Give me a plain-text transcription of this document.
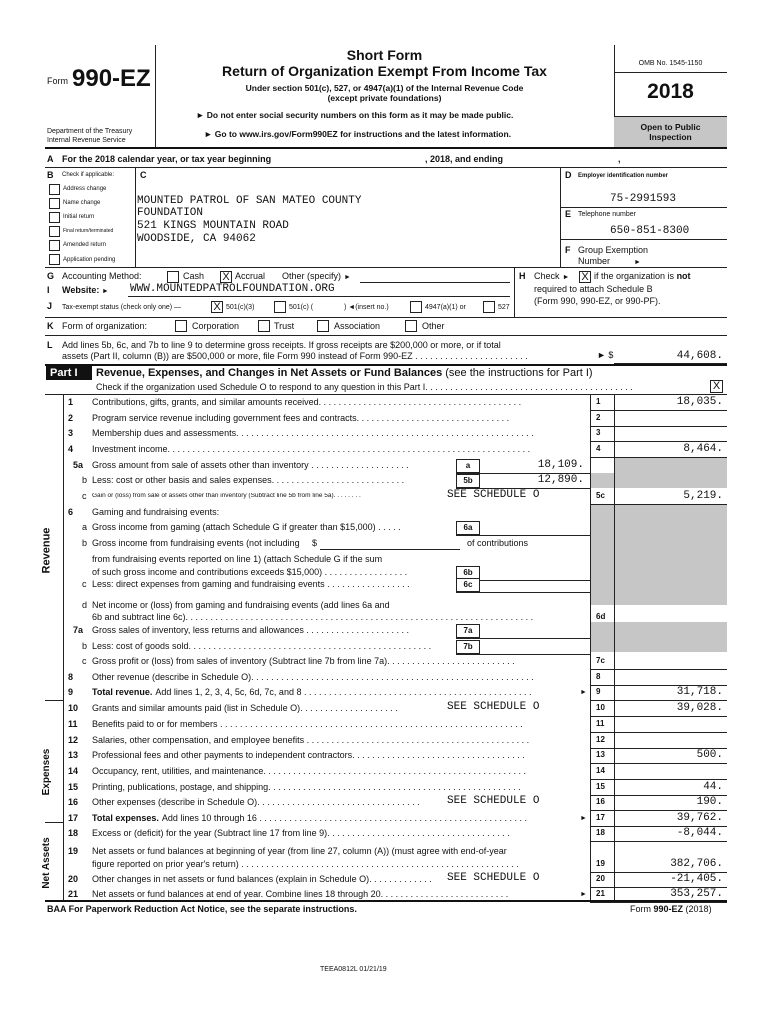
Form 990-EZ
Department of the Treasury
Internal Revenue Service
Short Form
Return of Organization Exempt From Income Tax
Under section 501(c), 527, or 4947(a)(1) of the Internal Revenue Code
(except private foundations)
► Do not enter social security numbers on this form as it may be made public.
► Go to www.irs.gov/Form990EZ for instructions and the latest information.
OMB No. 1545-1150
2018
Open to Public
Inspection
A For the 2018 calendar year, or tax year beginning	, 2018, and ending	,
B Check if applicable:
Address change
Name change
Initial return
Final return/terminated
Amended return
Application pending
C
MOUNTED PATROL OF SAN MATEO COUNTY
FOUNDATION
521 KINGS MOUNTAIN ROAD
WOODSIDE, CA 94062
D Employer identification number
75-2991593
E Telephone number
650-851-8300
F Group Exemption
Number	►
G Accounting Method:	Cash X Accrual Other (specify) ►	H Check ► X if the organization is not
required to attach Schedule B
(Form 990, 990-EZ, or 990-PF).
I Website: ► WWW.MOUNTEDPATROLFOUNDATION.ORG
J Tax-exempt status (check only one) —	X 501(c)(3)	501(c) (	) ◄(insert no.)	4947(a)(1) or	527
K Form of organization:	Corporation	Trust	Association	Other
L Add lines 5b, 6c, and 7b to line 9 to determine gross receipts. If gross receipts are $200,000 or more, or if total
assets (Part II, column (B)) are $500,000 or more, file Form 990 instead of Form 990-EZ . . . . . . . . . . . . . . . . . . . . . . .	► $	44,608.
Part I	Revenue, Expenses, and Changes in Net Assets or Fund Balances (see the instructions for Part I)
Check if the organization used Schedule O to respond to any question in this Part I. . . . . . . . . . . . . . . . . . . . . . . . . . . . . . . . . . . . . . . . . .	X
1 Contributions, gifts, grants, and similar amounts received. . . . . . . . . . . . . . . . . . . . . . . . . . . . . . . . . . . . . . . . .	1	18,035.
2 Program service revenue including government fees and contracts. . . . . . . . . . . . . . . . . . . . . . . . . . . . . . .	2
3 Membership dues and assessments. . . . . . . . . . . . . . . . . . . . . . . . . . . . . . . . . . . . . . . . . . . . . . . . . . . . . . . . . . . .	3
4 Investment income. . . . . . . . . . . . . . . . . . . . . . . . . . . . . . . . . . . . . . . . . . . . . . . . . . . . . . . . . . . . . . . . . . . . . . . . .	4	8,464.
5a Gross amount from sale of assets other than inventory . . . . . . . . . . . . . . . . . . . .	a	18,109.
b Less: cost or other basis and sales expenses. . . . . . . . . . . . . . . . . . . . . . . . . . .	5b	12,890.
c Gain or (loss) from sale of assets other than inventory (Subtract line 5b from line 5a). . . . . . . .	SEE SCHEDULE O	5c	5,219.
6 Gaming and fundraising events:
a Gross income from gaming (attach Schedule G if greater than $15,000) . . . . .	6a
b Gross income from fundraising events (not including	$	of contributions
from fundraising events reported on line 1) (attach Schedule G if the sum
of such gross income and contributions exceeds $15,000) . . . . . . . . . . . . . . . . .	6b
c Less: direct expenses from gaming and fundraising events . . . . . . . . . . . . . . . . .	6c
d Net income or (loss) from gaming and fundraising events (add lines 6a and
6b and subtract line 6c). . . . . . . . . . . . . . . . . . . . . . . . . . . . . . . . . . . . . . . . . . . . . . . . . . . . . . . . . . . . . . . . . . . . . .	6d
7a Gross sales of inventory, less returns and allowances . . . . . . . . . . . . . . . . . . . . .	7a
b Less: cost of goods sold. . . . . . . . . . . . . . . . . . . . . . . . . . . . . . . . . . . . . . . . . . . . . . . . .	7b
c Gross profit or (loss) from sales of inventory (Subtract line 7b from line 7a). . . . . . . . . . . . . . . . . . . . . . . . . .	7c
8 Other revenue (describe in Schedule O). . . . . . . . . . . . . . . . . . . . . . . . . . . . . . . . . . . . . . . . . . . . . . . . . . . . . . . . .	8
9 Total revenue. Add lines 1, 2, 3, 4, 5c, 6d, 7c, and 8 . . . . . . . . . . . . . . . . . . . . . . . . . . . . . . . . . . . . . . . . . . . . . .	► 9	31,718.
10 Grants and similar amounts paid (list in Schedule O). . . . . . . . . . . . . . . . . . . .	SEE SCHEDULE O	10	39,028.
11 Benefits paid to or for members . . . . . . . . . . . . . . . . . . . . . . . . . . . . . . . . . . . . . . . . . . . . . . . . . . . . . . . . . . . . .	11
12 Salaries, other compensation, and employee benefits . . . . . . . . . . . . . . . . . . . . . . . . . . . . . . . . . . . . . . . . . . . . .	12
13 Professional fees and other payments to independent contractors. . . . . . . . . . . . . . . . . . . . . . . . . . . . . . . . . . .	13	500.
14 Occupancy, rent, utilities, and maintenance. . . . . . . . . . . . . . . . . . . . . . . . . . . . . . . . . . . . . . . . . . . . . . . . . . . . .	14
15 Printing, publications, postage, and shipping. . . . . . . . . . . . . . . . . . . . . . . . . . . . . . . . . . . . . . . . . . . . . . . . . . .	15	44.
16 Other expenses (describe in Schedule O). . . . . . . . . . . . . . . . . . . . . . . . . . . . . . . . .	SEE SCHEDULE O	16	190.
17 Total expenses. Add lines 10 through 16 . . . . . . . . . . . . . . . . . . . . . . . . . . . . . . . . . . . . . . . . . . . . . . . . . . . . . .	► 17	39,762.
18 Excess or (deficit) for the year (Subtract line 17 from line 9). . . . . . . . . . . . . . . . . . . . . . . . . . . . . . . . . . . . .	18	-8,044.
19 Net assets or fund balances at beginning of year (from line 27, column (A)) (must agree with end-of-year
figure reported on prior year's return) . . . . . . . . . . . . . . . . . . . . . . . . . . . . . . . . . . . . . . . . . . . . . . . . . . . . . . . .	19	382,706.
20 Other changes in net assets or fund balances (explain in Schedule O). . . . . . . . . . . . .	SEE SCHEDULE O	20	-21,405.
21 Net assets or fund balances at end of year. Combine lines 18 through 20. . . . . . . . . . . . . . . . . . . . . . . . . .	► 21	353,257.
Revenue
Expenses
Net Assets
BAA For Paperwork Reduction Act Notice, see the separate instructions.	Form 990-EZ (2018)
TEEA0812L 01/21/19
